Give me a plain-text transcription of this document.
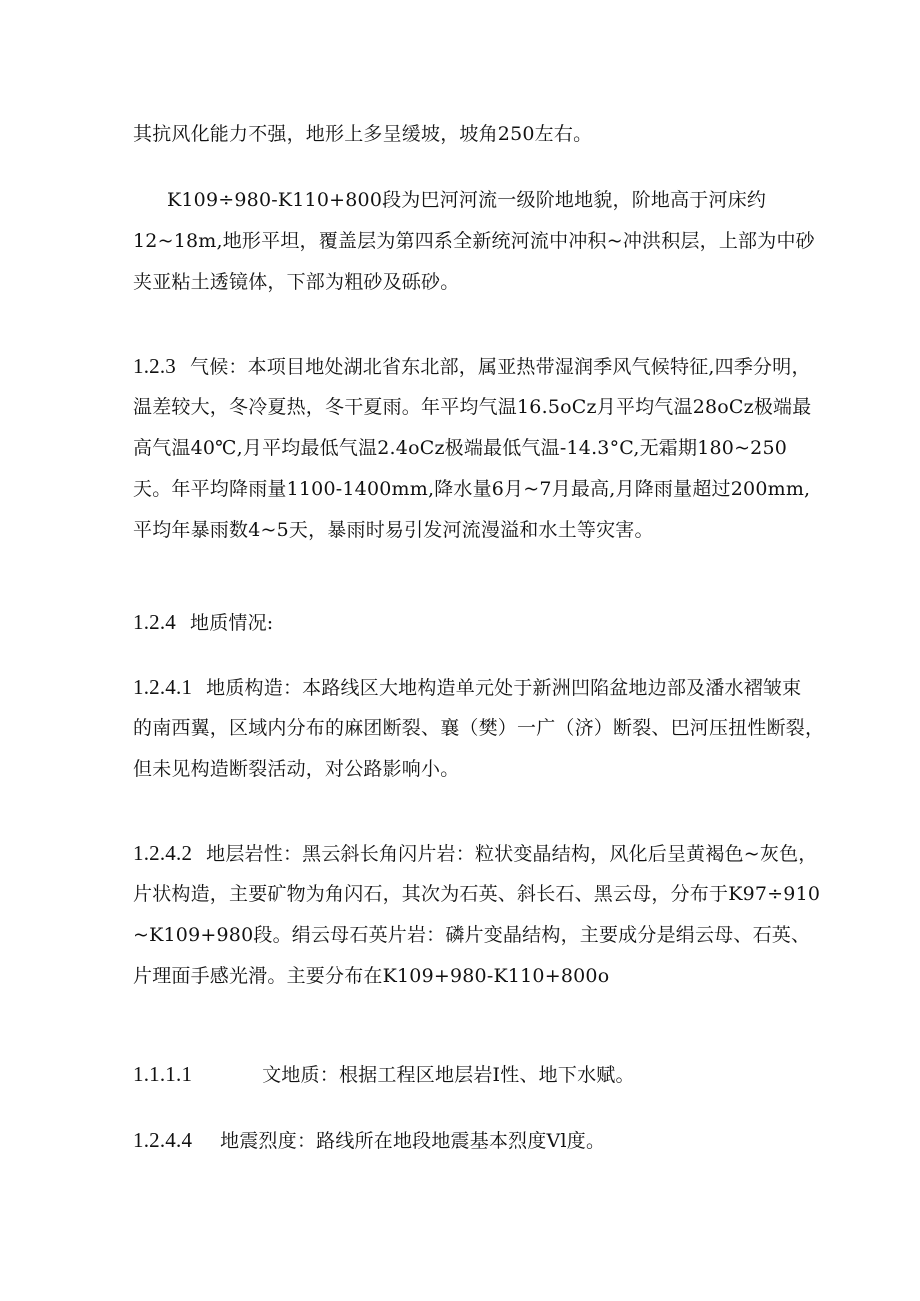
其抗风化能力不强，地形上多呈缓坡，坡角250左右。

K109÷980-K110+800段为巴河河流一级阶地地貌，阶地高于河床约
12~18m,地形平坦，覆盖层为第四系全新统河流中冲积~冲洪积层，上部为中砂
夹亚粘土透镜体，下部为粗砂及砾砂。

1.2.3 气候：本项目地处湖北省东北部，属亚热带湿润季风气候特征,四季分明，
温差较大，冬冷夏热，冬干夏雨。年平均气温16.5oCz月平均气温28oCz极端最
高气温40℃,月平均最低气温2.4oCz极端最低气温-14.3°C,无霜期180~250
天。年平均降雨量1100-1400mm,降水量6月~7月最高,月降雨量超过200mm,
平均年暴雨数4~5天，暴雨时易引发河流漫溢和水土等灾害。

1.2.4 地质情况:

1.2.4.1 地质构造：本路线区大地构造单元处于新洲凹陷盆地边部及潘水褶皱束
的南西翼，区域内分布的麻团断裂、襄（樊）一广（济）断裂、巴河压扭性断裂，
但未见构造断裂活动，对公路影响小。

1.2.4.2 地层岩性：黑云斜长角闪片岩：粒状变晶结构，风化后呈黄褐色~灰色，
片状构造，主要矿物为角闪石，其次为石英、斜长石、黑云母，分布于K97÷910
~K109+980段。绢云母石英片岩：磷片变晶结构，主要成分是绢云母、石英、
片理面手感光滑。主要分布在K109+980-K110+800o

1.1.1.1	文地质：根据工程区地层岩I性、地下水赋。

1.2.4.4 地震烈度：路线所在地段地震基本烈度Vl度。
